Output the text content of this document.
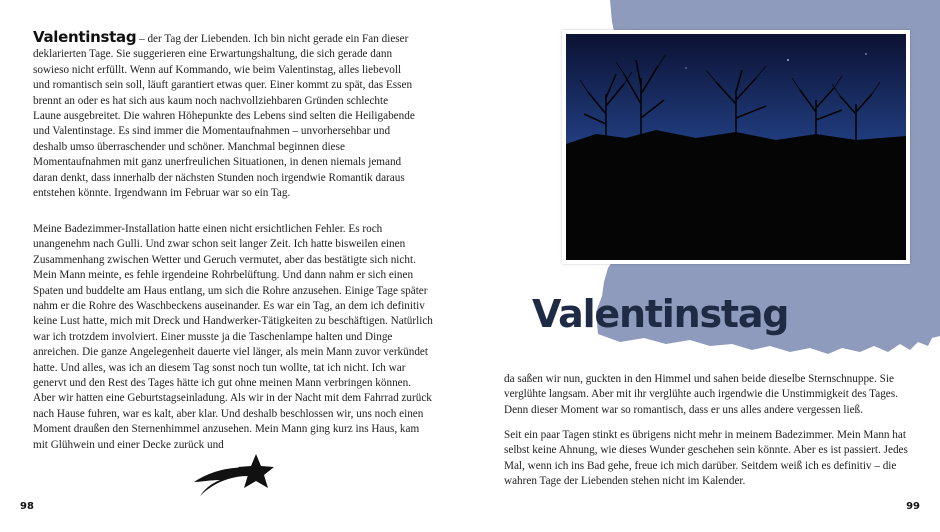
Valentinstag – der Tag der Liebenden. Ich bin nicht gerade ein Fan dieser deklarierten Tage. Sie suggerieren eine Erwartungshaltung, die sich gerade dann sowieso nicht erfüllt. Wenn auf Kommando, wie beim Valentinstag, alles liebevoll und romantisch sein soll, läuft garantiert etwas quer. Einer kommt zu spät, das Essen brennt an oder es hat sich aus kaum noch nachvollziehbaren Gründen schlechte Laune ausgebreitet. Die wahren Höhepunkte des Lebens sind selten die Heiligabende und Valentinstage. Es sind immer die Momentaufnahmen – unvorhersehbar und deshalb umso überraschender und schöner. Manchmal beginnen diese Momentaufnahmen mit ganz unerfreulichen Situationen, in denen niemals jemand daran denkt, dass innerhalb der nächsten Stunden noch irgendwie Romantik daraus entstehen könnte. Irgendwann im Februar war so ein Tag.

Meine Badezimmer-Installation hatte einen nicht ersichtlichen Fehler. Es roch unangenehm nach Gulli. Und zwar schon seit langer Zeit. Ich hatte bisweilen einen Zusammenhang zwischen Wetter und Geruch vermutet, aber das bestätigte sich nicht. Mein Mann meinte, es fehle irgendeine Rohrbelüftung. Und dann nahm er sich einen Spaten und buddelte am Haus entlang, um sich die Rohre anzusehen. Einige Tage später nahm er die Rohre des Waschbeckens auseinander. Es war ein Tag, an dem ich definitiv keine Lust hatte, mich mit Dreck und Handwerker-Tätigkeiten zu beschäftigen. Natürlich war ich trotzdem involviert. Einer musste ja die Taschenlampe halten und Dinge anreichen. Die ganze Angelegenheit dauerte viel länger, als mein Mann zuvor verkündet hatte. Und alles, was ich an diesem Tag sonst noch tun wollte, tat ich nicht. Ich war genervt und den Rest des Tages hätte ich gut ohne meinen Mann verbringen können. Aber wir hatten eine Geburtstagseinladung. Als wir in der Nacht mit dem Fahrrad zurück nach Hause fuhren, war es kalt, aber klar. Und deshalb beschlossen wir, uns noch einen Moment draußen den Sternenhimmel anzusehen. Mein Mann ging kurz ins Haus, kam mit Glühwein und einer Decke zurück und

98
Valentinstag
99

da saßen wir nun, guckten in den Himmel und sahen beide dieselbe Sternschnuppe. Sie verglühte langsam. Aber mit ihr verglühte auch irgendwie die Unstimmigkeit des Tages. Denn dieser Moment war so romantisch, dass er uns alles andere vergessen ließ.

Seit ein paar Tagen stinkt es übrigens nicht mehr in meinem Badezimmer. Mein Mann hat selbst keine Ahnung, wie dieses Wunder geschehen sein könnte. Aber es ist passiert. Jedes Mal, wenn ich ins Bad gehe, freue ich mich darüber. Seitdem weiß ich es definitiv – die wahren Tage der Liebenden stehen nicht im Kalender.
